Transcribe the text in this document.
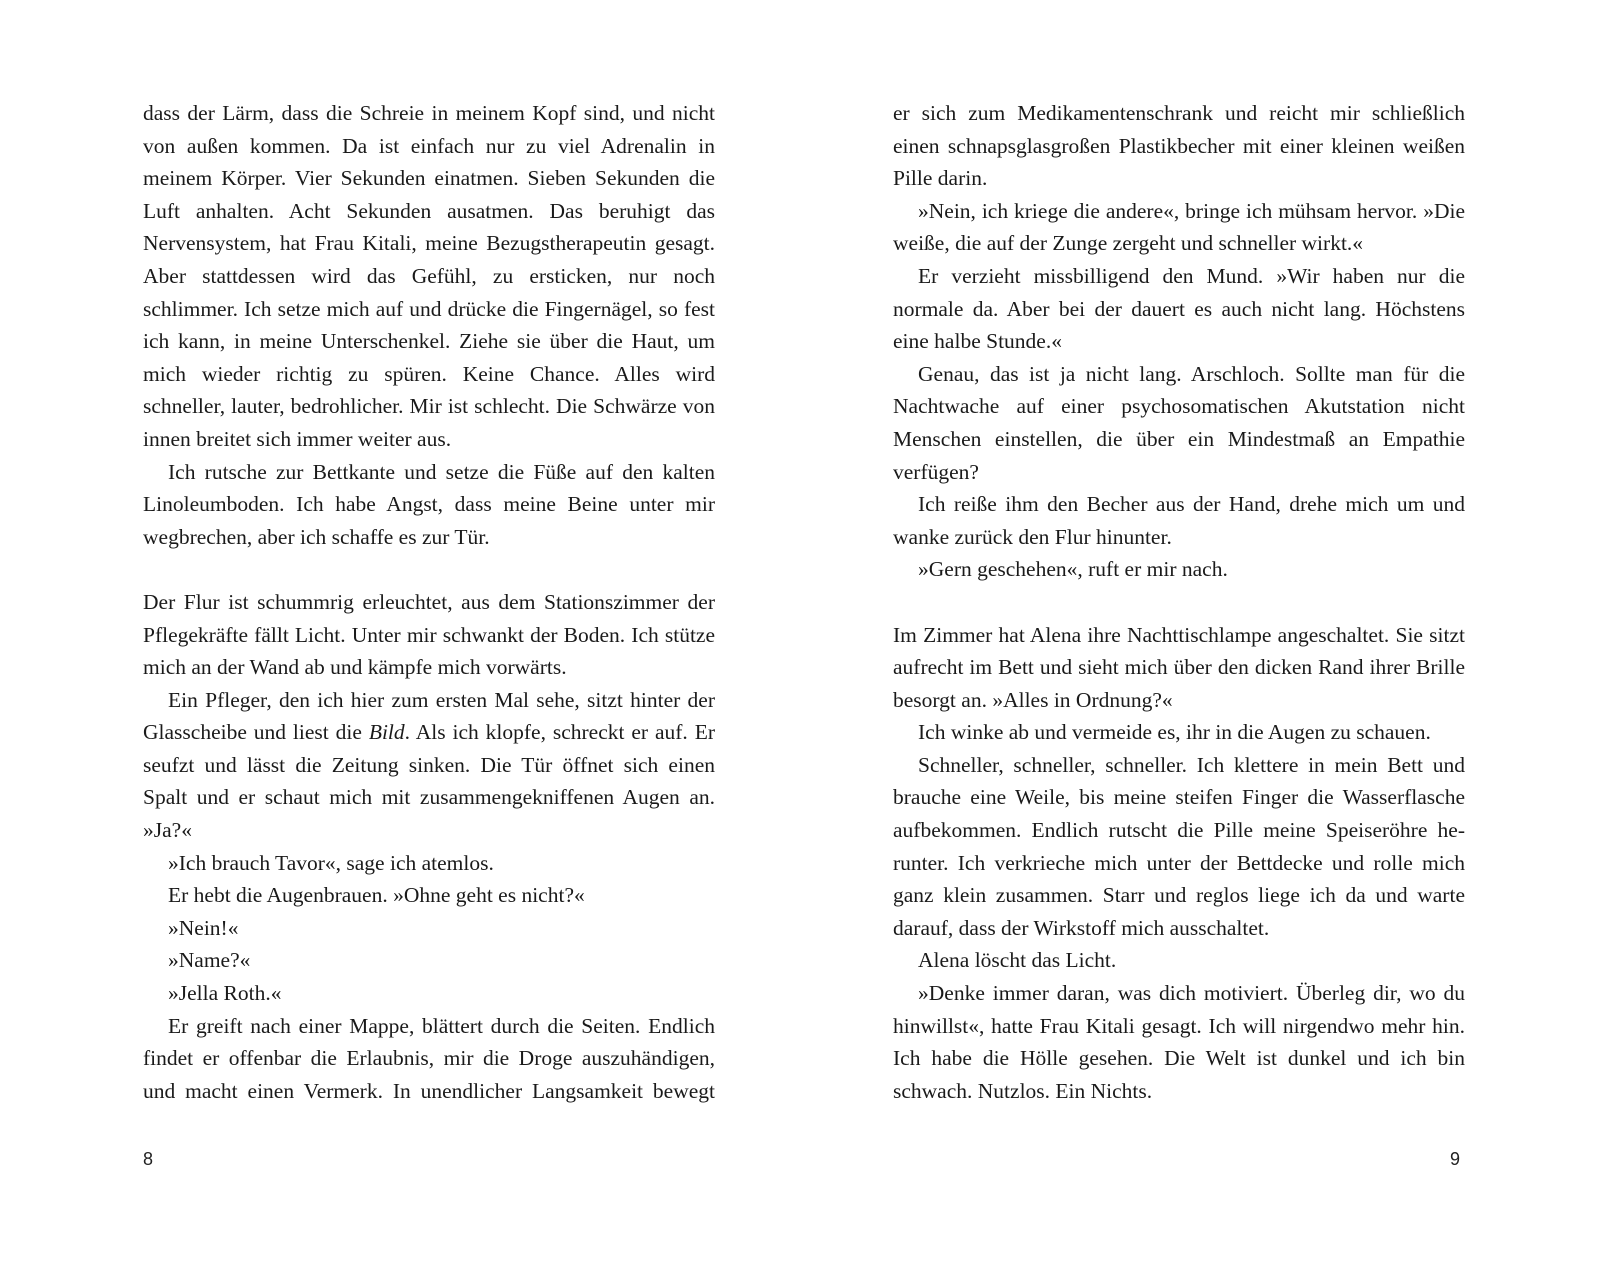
dass der Lärm, dass die Schreie in meinem Kopf sind, und nicht von außen kommen. Da ist einfach nur zu viel Adrenalin in meinem Körper. Vier Sekunden einatmen. Sieben Sekunden die Luft anhalten. Acht Sekunden ausatmen. Das beruhigt das Nervensystem, hat Frau Kitali, meine Bezugstherapeutin gesagt. Aber stattdessen wird das Gefühl, zu ersticken, nur noch schlimmer. Ich setze mich auf und drücke die Fingernägel, so fest ich kann, in meine Unterschenkel. Ziehe sie über die Haut, um mich wieder richtig zu spüren. Keine Chance. Alles wird schneller, lauter, bedrohlicher. Mir ist schlecht. Die Schwärze von innen breitet sich immer weiter aus.

Ich rutsche zur Bettkante und setze die Füße auf den kalten Linoleumboden. Ich habe Angst, dass meine Beine unter mir wegbrechen, aber ich schaffe es zur Tür.

Der Flur ist schummrig erleuchtet, aus dem Stationszimmer der Pflegekräfte fällt Licht. Unter mir schwankt der Boden. Ich stütze mich an der Wand ab und kämpfe mich vorwärts.

Ein Pfleger, den ich hier zum ersten Mal sehe, sitzt hinter der Glasscheibe und liest die Bild. Als ich klopfe, schreckt er auf. Er seufzt und lässt die Zeitung sinken. Die Tür öffnet sich einen Spalt und er schaut mich mit zusammengekniffenen Augen an. »Ja?«

»Ich brauch Tavor«, sage ich atemlos.

Er hebt die Augenbrauen. »Ohne geht es nicht?«

»Nein!«

»Name?«

»Jella Roth.«

Er greift nach einer Mappe, blättert durch die Seiten. Endlich findet er offenbar die Erlaubnis, mir die Droge auszuhändigen, und macht einen Vermerk. In unendlicher Langsamkeit bewegt

er sich zum Medikamentenschrank und reicht mir schließlich einen schnapsglasgroßen Plastikbecher mit einer kleinen weißen Pille darin.

»Nein, ich kriege die andere«, bringe ich mühsam hervor. »Die weiße, die auf der Zunge zergeht und schneller wirkt.«

Er verzieht missbilligend den Mund. »Wir haben nur die normale da. Aber bei der dauert es auch nicht lang. Höchstens eine halbe Stunde.«

Genau, das ist ja nicht lang. Arschloch. Sollte man für die Nachtwache auf einer psychosomatischen Akutstation nicht Menschen einstellen, die über ein Mindestmaß an Empathie verfügen?

Ich reiße ihm den Becher aus der Hand, drehe mich um und wanke zurück den Flur hinunter.

»Gern geschehen«, ruft er mir nach.

Im Zimmer hat Alena ihre Nachttischlampe angeschaltet. Sie sitzt aufrecht im Bett und sieht mich über den dicken Rand ihrer Brille besorgt an. »Alles in Ordnung?«

Ich winke ab und vermeide es, ihr in die Augen zu schauen.

Schneller, schneller, schneller. Ich klettere in mein Bett und brauche eine Weile, bis meine steifen Finger die Wasserflasche aufbekommen. Endlich rutscht die Pille meine Speiseröhre herunter. Ich verkrieche mich unter der Bettdecke und rolle mich ganz klein zusammen. Starr und reglos liege ich da und warte darauf, dass der Wirkstoff mich ausschaltet.

Alena löscht das Licht.

»Denke immer daran, was dich motiviert. Überleg dir, wo du hinwillst«, hatte Frau Kitali gesagt. Ich will nirgendwo mehr hin. Ich habe die Hölle gesehen. Die Welt ist dunkel und ich bin schwach. Nutzlos. Ein Nichts.

8	9
